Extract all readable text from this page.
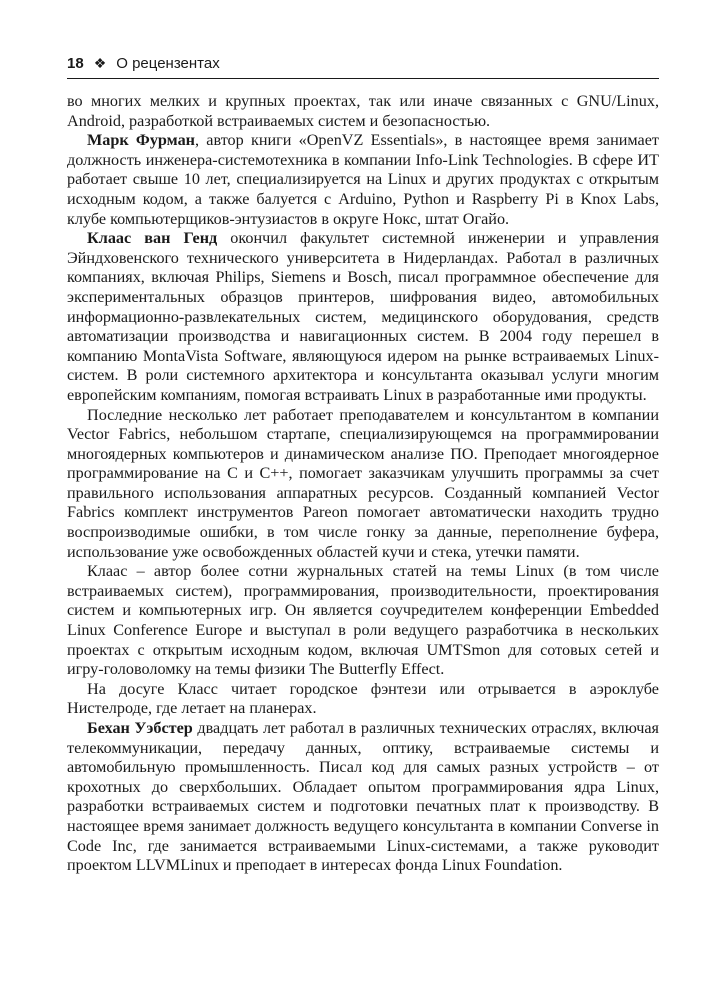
18 ❖ О рецензентах

во многих мелких и крупных проектах, так или иначе связанных с GNU/Linux, Android, разработкой встраиваемых систем и безопасностью.

Марк Фурман, автор книги «OpenVZ Essentials», в настоящее время занимает должность инженера-системотехника в компании Info-Link Technologies. В сфере ИТ работает свыше 10 лет, специализируется на Linux и других продуктах с открытым исходным кодом, а также балуется с Arduino, Python и Raspberry Pi в Knox Labs, клубе компьютерщиков-энтузиастов в округе Нокс, штат Огайо.

Клаас ван Генд окончил факультет системной инженерии и управления Эйндховенского технического университета в Нидерландах. Работал в различных компаниях, включая Philips, Siemens и Bosch, писал программное обеспечение для экспериментальных образцов принтеров, шифрования видео, автомобильных информационно-развлекательных систем, медицинского оборудования, средств автоматизации производства и навигационных систем. В 2004 году перешел в компанию MontaVista Software, являющуюся идером на рынке встраиваемых Linux-систем. В роли системного архитектора и консультанта оказывал услуги многим европейским компаниям, помогая встраивать Linux в разработанные ими продукты.

Последние несколько лет работает преподавателем и консультантом в компании Vector Fabrics, небольшом стартапе, специализирующемся на программировании многоядерных компьютеров и динамическом анализе ПО. Преподает многоядерное программирование на C и C++, помогает заказчикам улучшить программы за счет правильного использования аппаратных ресурсов. Созданный компанией Vector Fabrics комплект инструментов Pareon помогает автоматически находить трудно воспроизводимые ошибки, в том числе гонку за данные, переполнение буфера, использование уже освобожденных областей кучи и стека, утечки памяти.

Клаас – автор более сотни журнальных статей на темы Linux (в том числе встраиваемых систем), программирования, производительности, проектирования систем и компьютерных игр. Он является соучредителем конференции Embedded Linux Conference Europe и выступал в роли ведущего разработчика в нескольких проектах с открытым исходным кодом, включая UMTSmon для сотовых сетей и игру-головоломку на темы физики The Butterfly Effect.

На досуге Класс читает городское фэнтези или отрывается в аэроклубе Нистелроде, где летает на планерах.

Бехан Уэбстер двадцать лет работал в различных технических отраслях, включая телекоммуникации, передачу данных, оптику, встраиваемые системы и автомобильную промышленность. Писал код для самых разных устройств – от крохотных до сверхбольших. Обладает опытом программирования ядра Linux, разработки встраиваемых систем и подготовки печатных плат к производству. В настоящее время занимает должность ведущего консультанта в компании Converse in Code Inc, где занимается встраиваемыми Linux-системами, а также руководит проектом LLVMLinux и преподает в интересах фонда Linux Foundation.
